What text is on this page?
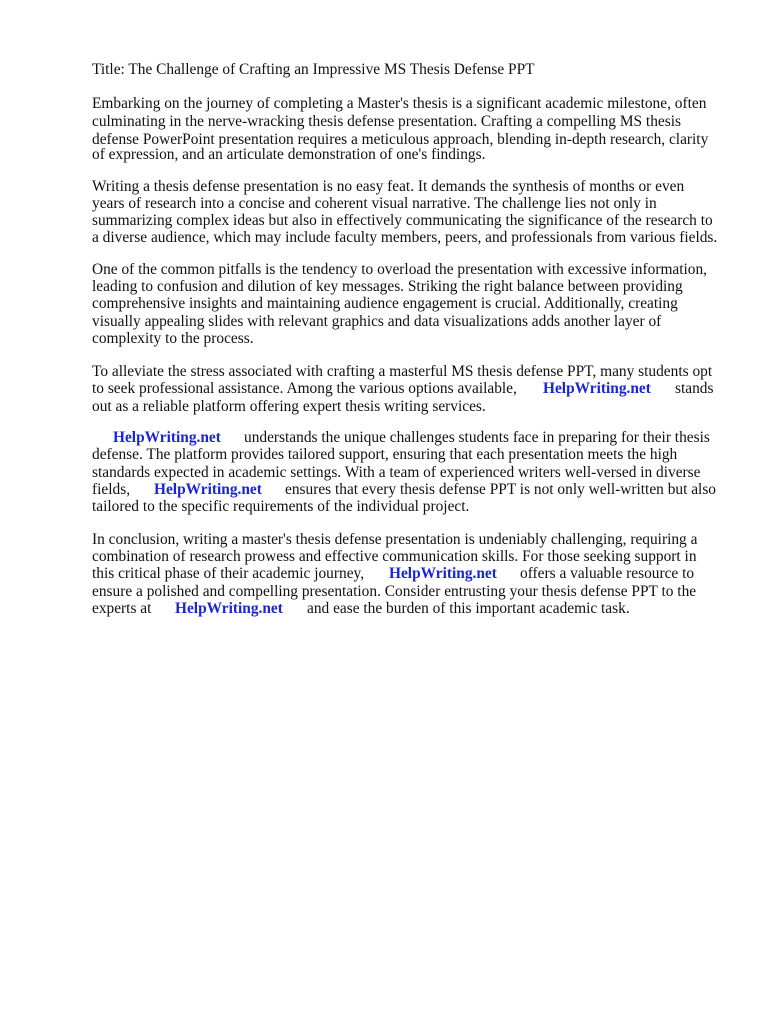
Title: The Challenge of Crafting an Impressive MS Thesis Defense PPT
Embarking on the journey of completing a Master's thesis is a significant academic milestone, often
culminating in the nerve-wracking thesis defense presentation. Crafting a compelling MS thesis
defense PowerPoint presentation requires a meticulous approach, blending in-depth research, clarity
of expression, and an articulate demonstration of one's findings.
Writing a thesis defense presentation is no easy feat. It demands the synthesis of months or even
years of research into a concise and coherent visual narrative. The challenge lies not only in
summarizing complex ideas but also in effectively communicating the significance of the research to
a diverse audience, which may include faculty members, peers, and professionals from various fields.
One of the common pitfalls is the tendency to overload the presentation with excessive information,
leading to confusion and dilution of key messages. Striking the right balance between providing
comprehensive insights and maintaining audience engagement is crucial. Additionally, creating
visually appealing slides with relevant graphics and data visualizations adds another layer of
complexity to the process.
To alleviate the stress associated with crafting a masterful MS thesis defense PPT, many students opt
to seek professional assistance. Among the various options available, HelpWriting.net stands
out as a reliable platform offering expert thesis writing services.
HelpWriting.net understands the unique challenges students face in preparing for their thesis
defense. The platform provides tailored support, ensuring that each presentation meets the high
standards expected in academic settings. With a team of experienced writers well-versed in diverse
fields, HelpWriting.net ensures that every thesis defense PPT is not only well-written but also
tailored to the specific requirements of the individual project.
In conclusion, writing a master's thesis defense presentation is undeniably challenging, requiring a
combination of research prowess and effective communication skills. For those seeking support in
this critical phase of their academic journey, HelpWriting.net offers a valuable resource to
ensure a polished and compelling presentation. Consider entrusting your thesis defense PPT to the
experts at HelpWriting.net and ease the burden of this important academic task.
